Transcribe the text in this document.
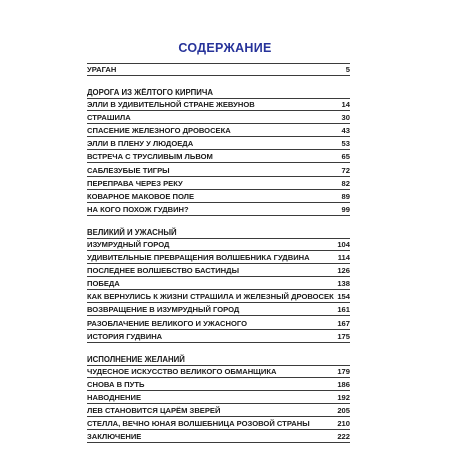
СОДЕРЖАНИЕ
УРАГАН	5
ДОРОГА ИЗ ЖЁЛТОГО КИРПИЧА
ЭЛЛИ В УДИВИТЕЛЬНОЙ СТРАНЕ ЖЕВУНОВ	14
СТРАШИЛА	30
СПАСЕНИЕ ЖЕЛЕЗНОГО ДРОВОСЕКА	43
ЭЛЛИ В ПЛЕНУ У ЛЮДОЕДА	53
ВСТРЕЧА С ТРУСЛИВЫМ ЛЬВОМ	65
САБЛЕЗУБЫЕ ТИГРЫ	72
ПЕРЕПРАВА ЧЕРЕЗ РЕКУ	82
КОВАРНОЕ МАКОВОЕ ПОЛЕ	89
НА КОГО ПОХОЖ ГУДВИН?	99
ВЕЛИКИЙ И УЖАСНЫЙ
ИЗУМРУДНЫЙ ГОРОД	104
УДИВИТЕЛЬНЫЕ ПРЕВРАЩЕНИЯ ВОЛШЕБНИКА ГУДВИНА	114
ПОСЛЕДНЕЕ ВОЛШЕБСТВО БАСТИНДЫ	126
ПОБЕДА	138
КАК ВЕРНУЛИСЬ К ЖИЗНИ СТРАШИЛА И ЖЕЛЕЗНЫЙ ДРОВОСЕК 154
ВОЗВРАЩЕНИЕ В ИЗУМРУДНЫЙ ГОРОД	161
РАЗОБЛАЧЕНИЕ ВЕЛИКОГО И УЖАСНОГО	167
ИСТОРИЯ ГУДВИНА	175
ИСПОЛНЕНИЕ ЖЕЛАНИЙ
ЧУДЕСНОЕ ИСКУССТВО ВЕЛИКОГО ОБМАНЩИКА	179
СНОВА В ПУТЬ	186
НАВОДНЕНИЕ	192
ЛЕВ СТАНОВИТСЯ ЦАРЁМ ЗВЕРЕЙ	205
СТЕЛЛА, ВЕЧНО ЮНАЯ ВОЛШЕБНИЦА РОЗОВОЙ СТРАНЫ	210
ЗАКЛЮЧЕНИЕ	222
